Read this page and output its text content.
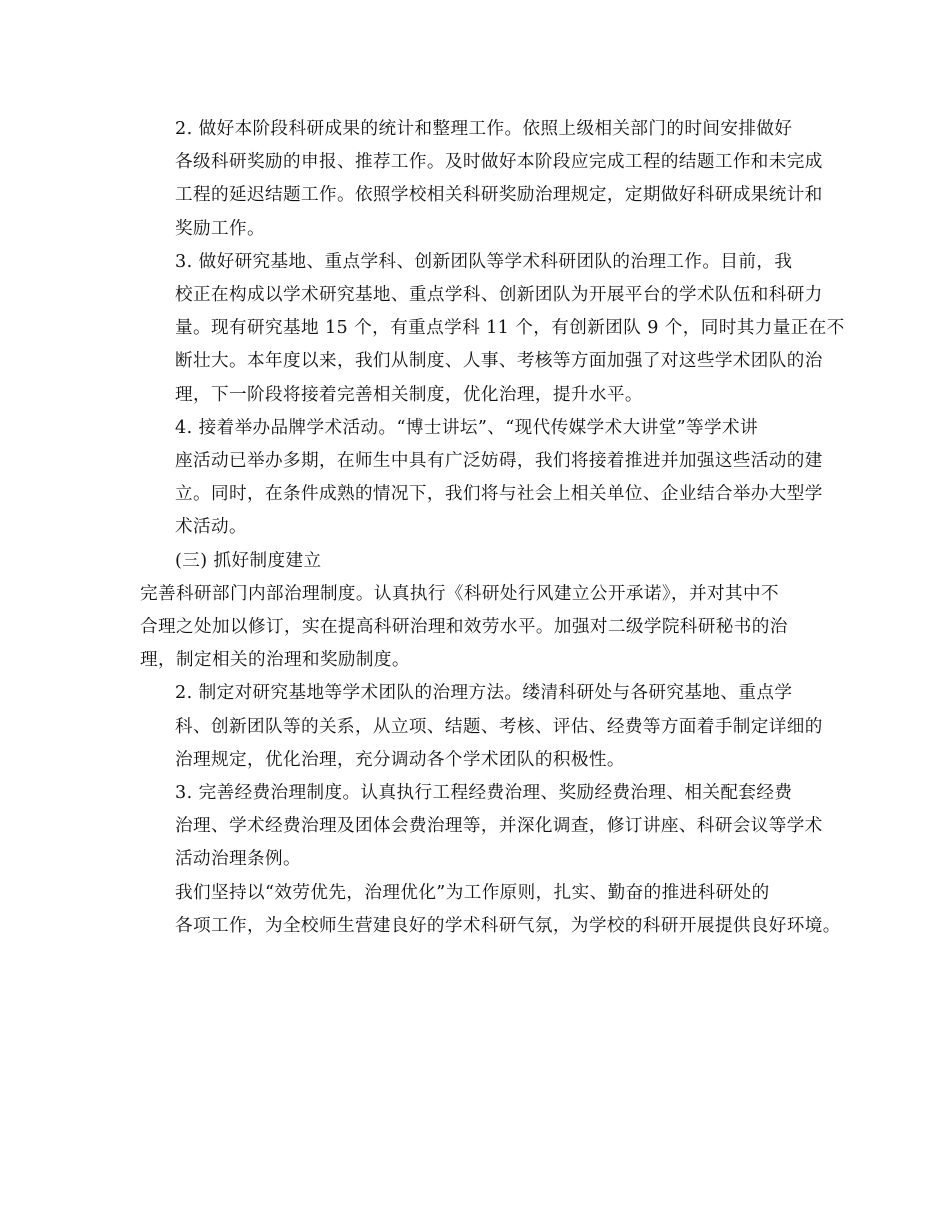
2. 做好本阶段科研成果的统计和整理工作。依照上级相关部门的时间安排做好
各级科研奖励的申报、推荐工作。及时做好本阶段应完成工程的结题工作和未完成
工程的延迟结题工作。依照学校相关科研奖励治理规定，定期做好科研成果统计和
奖励工作。

3. 做好研究基地、重点学科、创新团队等学术科研团队的治理工作。目前，我
校正在构成以学术研究基地、重点学科、创新团队为开展平台的学术队伍和科研力
量。现有研究基地 15 个，有重点学科 11 个，有创新团队 9 个，同时其力量正在不
断壮大。本年度以来，我们从制度、人事、考核等方面加强了对这些学术团队的治
理，下一阶段将接着完善相关制度，优化治理，提升水平。

4. 接着举办品牌学术活动。“博士讲坛”、“现代传媒学术大讲堂”等学术讲
座活动已举办多期，在师生中具有广泛妨碍，我们将接着推进并加强这些活动的建
立。同时，在条件成熟的情况下，我们将与社会上相关单位、企业结合举办大型学
术活动。

(三) 抓好制度建立

完善科研部门内部治理制度。认真执行《科研处行风建立公开承诺》，并对其中不
合理之处加以修订，实在提高科研治理和效劳水平。加强对二级学院科研秘书的治
理，制定相关的治理和奖励制度。

2. 制定对研究基地等学术团队的治理方法。缕清科研处与各研究基地、重点学
科、创新团队等的关系，从立项、结题、考核、评估、经费等方面着手制定详细的
治理规定，优化治理，充分调动各个学术团队的积极性。

3. 完善经费治理制度。认真执行工程经费治理、奖励经费治理、相关配套经费
治理、学术经费治理及团体会费治理等，并深化调查，修订讲座、科研会议等学术
活动治理条例。

我们坚持以“效劳优先，治理优化”为工作原则，扎实、勤奋的推进科研处的
各项工作，为全校师生营建良好的学术科研气氛，为学校的科研开展提供良好环境。
